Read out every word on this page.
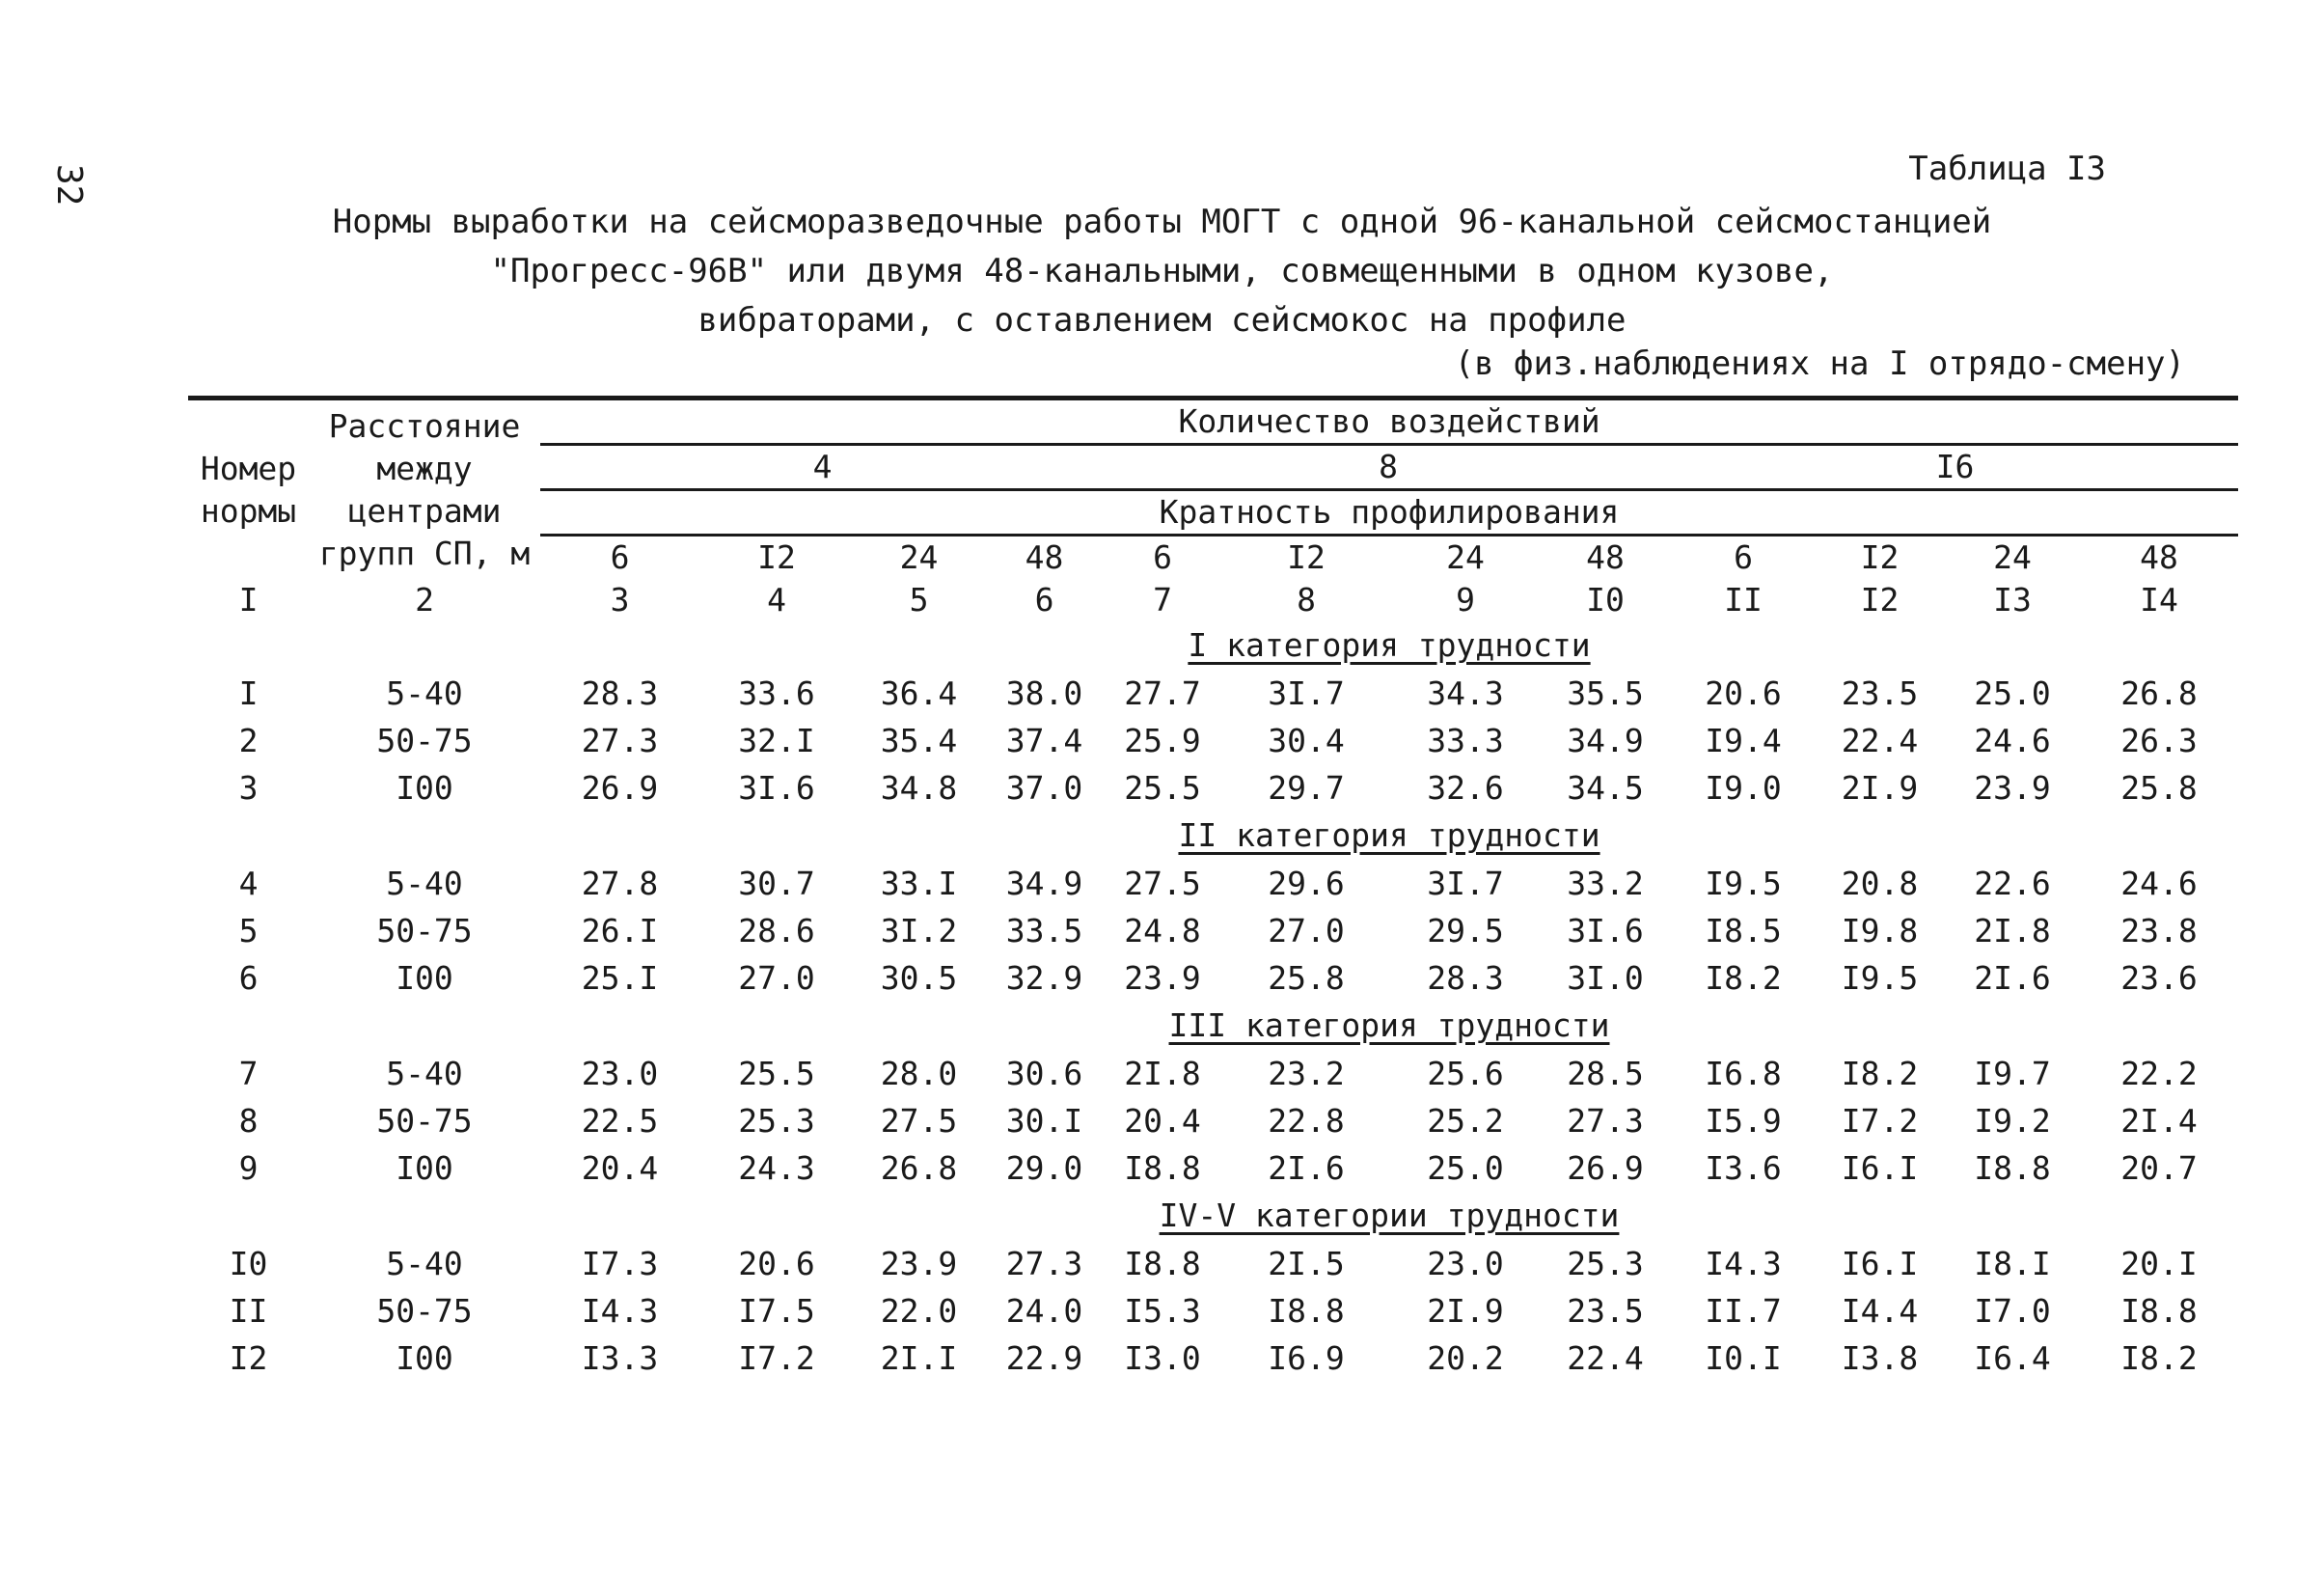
32	Таблица I3
Нормы выработки на сейсморазведочные работы МОГТ с одной 96-канальной сейсмостанцией
"Прогресс-96В" или двумя 48-канальными, совмещенными в одном кузове,
вибраторами, с оставлением сейсмокос на профиле
(в физ.наблюдениях на I отрядо-смену)
Номер нормы	Расстояние между центрами групп СП, м	Количество воздействий											
		4				8				I6			
		Кратность профилирования											
		6	I2	24	48	6	I2	24	48	6	I2	24	48
I	2	3	4	5	6	7	8	9	I0	II	I2	I3	I4
		I категория трудности											
I	5-40	28.3	33.6	36.4	38.0	27.7	3I.7	34.3	35.5	20.6	23.5	25.0	26.8
2	50-75	27.3	32.I	35.4	37.4	25.9	30.4	33.3	34.9	I9.4	22.4	24.6	26.3
3	I00	26.9	3I.6	34.8	37.0	25.5	29.7	32.6	34.5	I9.0	2I.9	23.9	25.8
		II категория трудности											
4	5-40	27.8	30.7	33.I	34.9	27.5	29.6	3I.7	33.2	I9.5	20.8	22.6	24.6
5	50-75	26.I	28.6	3I.2	33.5	24.8	27.0	29.5	3I.6	I8.5	I9.8	2I.8	23.8
6	I00	25.I	27.0	30.5	32.9	23.9	25.8	28.3	3I.0	I8.2	I9.5	2I.6	23.6
		III категория трудности											
7	5-40	23.0	25.5	28.0	30.6	2I.8	23.2	25.6	28.5	I6.8	I8.2	I9.7	22.2
8	50-75	22.5	25.3	27.5	30.I	20.4	22.8	25.2	27.3	I5.9	I7.2	I9.2	2I.4
9	I00	20.4	24.3	26.8	29.0	I8.8	2I.6	25.0	26.9	I3.6	I6.I	I8.8	20.7
		IV-V категории трудности											
I0	5-40	I7.3	20.6	23.9	27.3	I8.8	2I.5	23.0	25.3	I4.3	I6.I	I8.I	20.I
II	50-75	I4.3	I7.5	22.0	24.0	I5.3	I8.8	2I.9	23.5	II.7	I4.4	I7.0	I8.8
I2	I00	I3.3	I7.2	2I.I	22.9	I3.0	I6.9	20.2	22.4	I0.I	I3.8	I6.4	I8.2
